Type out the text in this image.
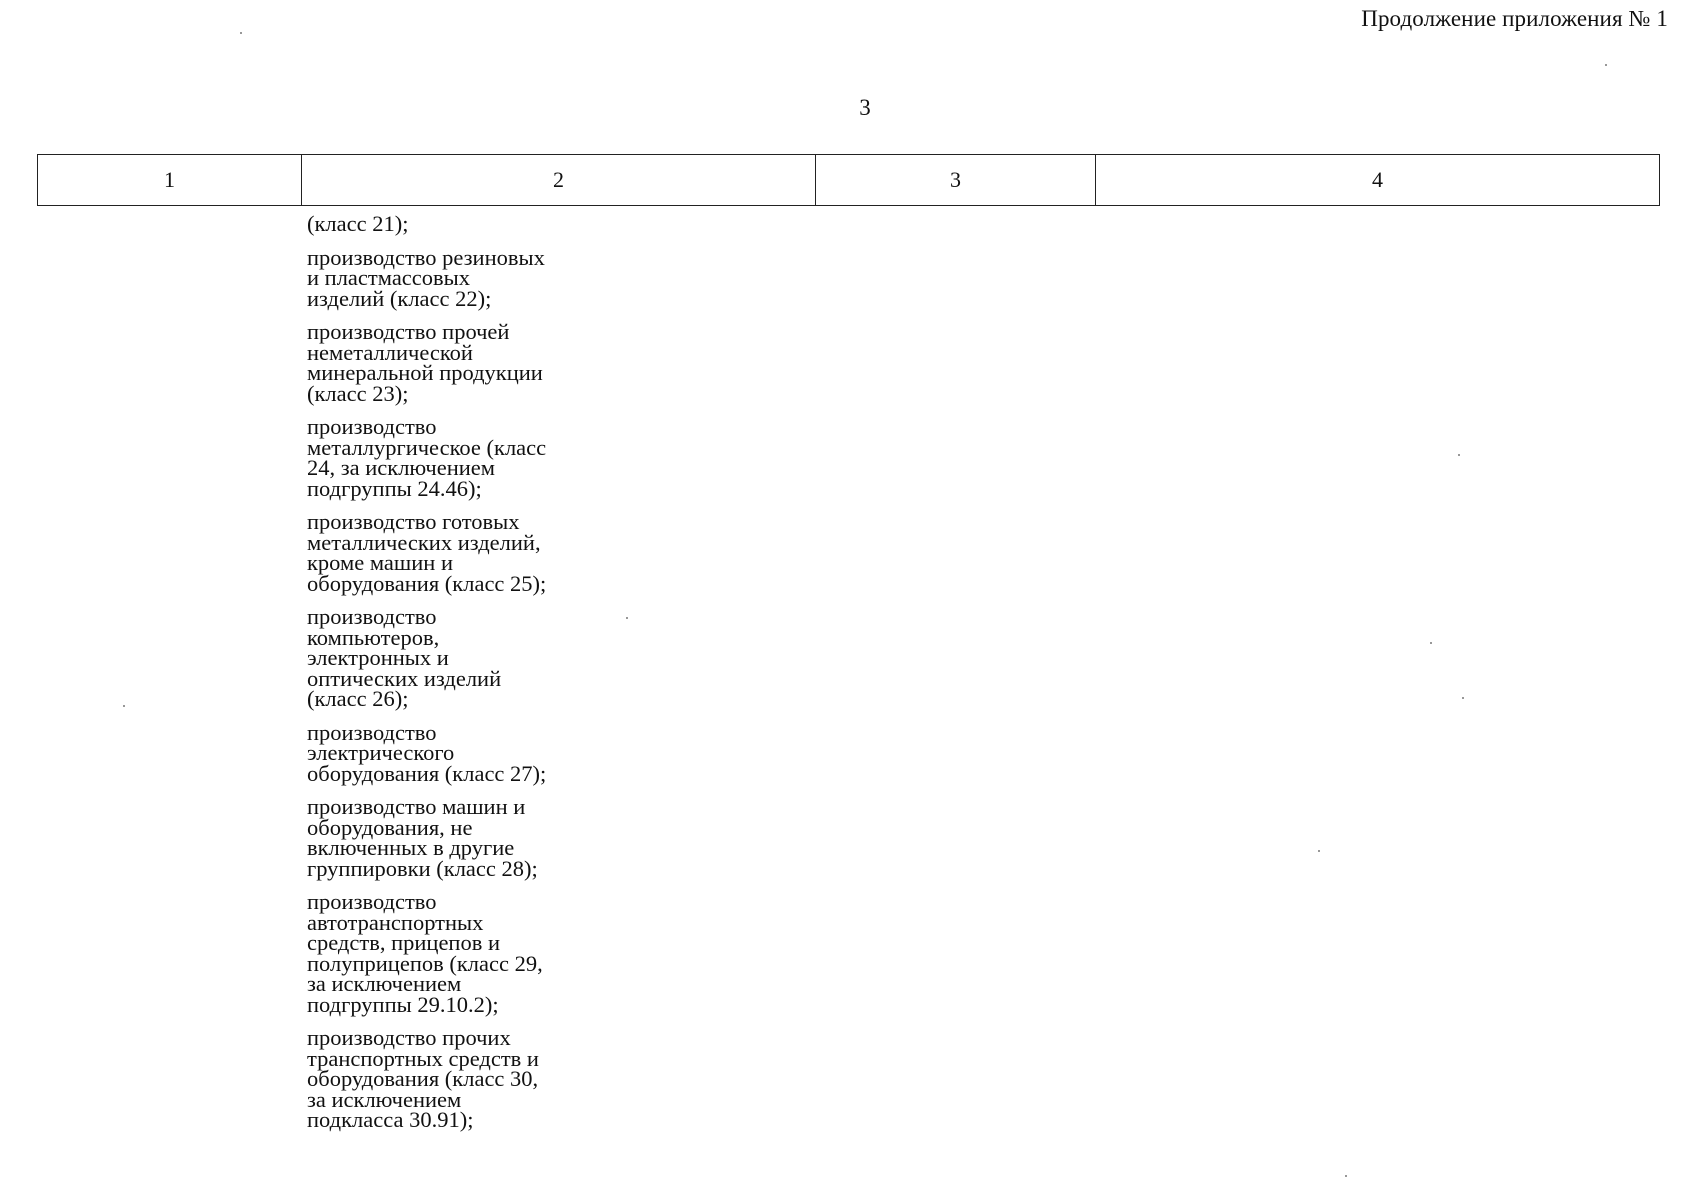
Продолжение приложения № 1
3
1	2	3	4
(класс 21);
производство резиновых
и пластмассовых
изделий (класс 22);
производство прочей
неметаллической
минеральной продукции
(класс 23);
производство
металлургическое (класс
24, за исключением
подгруппы 24.46);
производство готовых
металлических изделий,
кроме машин и
оборудования (класс 25);
производство
компьютеров,
электронных и
оптических изделий
(класс 26);
производство
электрического
оборудования (класс 27);
производство машин и
оборудования, не
включенных в другие
группировки (класс 28);
производство
автотранспортных
средств, прицепов и
полуприцепов (класс 29,
за исключением
подгруппы 29.10.2);
производство прочих
транспортных средств и
оборудования (класс 30,
за исключением
подкласса 30.91);
